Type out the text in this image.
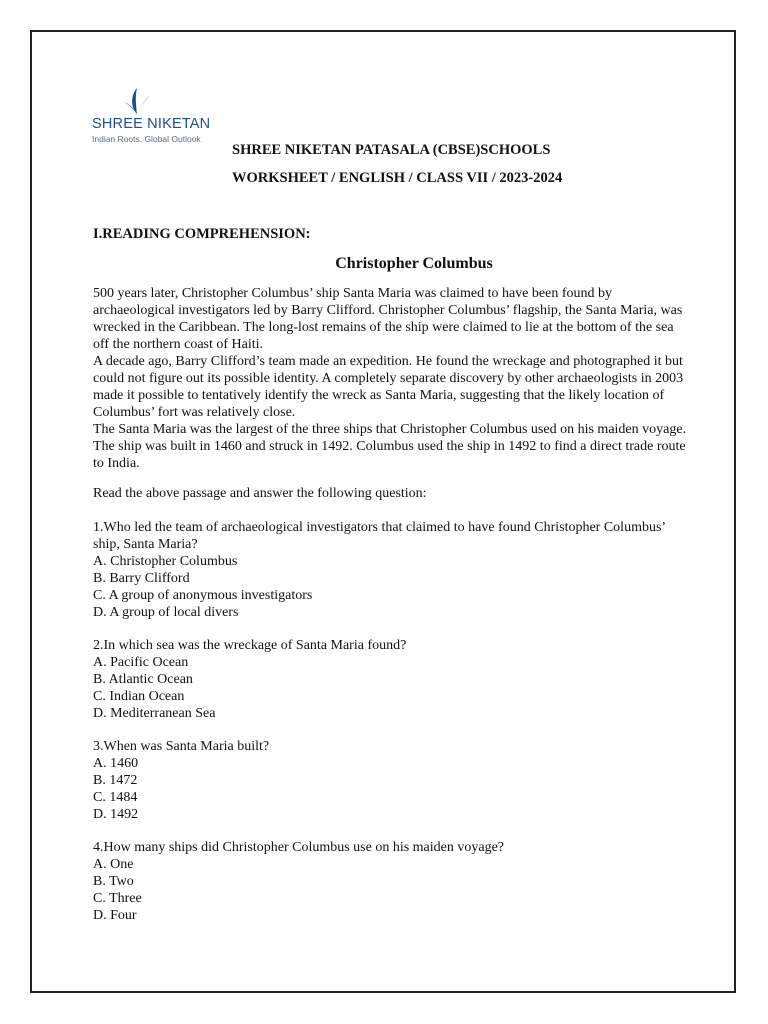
SHREE NIKETAN
Indian Roots. Global Outlook
SHREE NIKETAN PATASALA (CBSE)SCHOOLS
WORKSHEET / ENGLISH / CLASS VII / 2023-2024
I.READING COMPREHENSION:
Christopher Columbus

500 years later, Christopher Columbus’ ship Santa Maria was claimed to have been found by archaeological investigators led by Barry Clifford. Christopher Columbus’ flagship, the Santa Maria, was wrecked in the Caribbean. The long-lost remains of the ship were claimed to lie at the bottom of the sea off the northern coast of Haiti.

A decade ago, Barry Clifford’s team made an expedition. He found the wreckage and photographed it but could not figure out its possible identity. A completely separate discovery by other archaeologists in 2003 made it possible to tentatively identify the wreck as Santa Maria, suggesting that the likely location of Columbus’ fort was relatively close.

The Santa Maria was the largest of the three ships that Christopher Columbus used on his maiden voyage. The ship was built in 1460 and struck in 1492. Columbus used the ship in 1492 to find a direct trade route to India.

Read the above passage and answer the following question:
1.Who led the team of archaeological investigators that claimed to have found Christopher Columbus’ ship, Santa Maria?
A. Christopher Columbus
B. Barry Clifford
C. A group of anonymous investigators
D. A group of local divers
2.In which sea was the wreckage of Santa Maria found?
A. Pacific Ocean
B. Atlantic Ocean
C. Indian Ocean
D. Mediterranean Sea
3.When was Santa Maria built?
A. 1460
B. 1472
C. 1484
D. 1492
4.How many ships did Christopher Columbus use on his maiden voyage?
A. One
B. Two
C. Three
D. Four
